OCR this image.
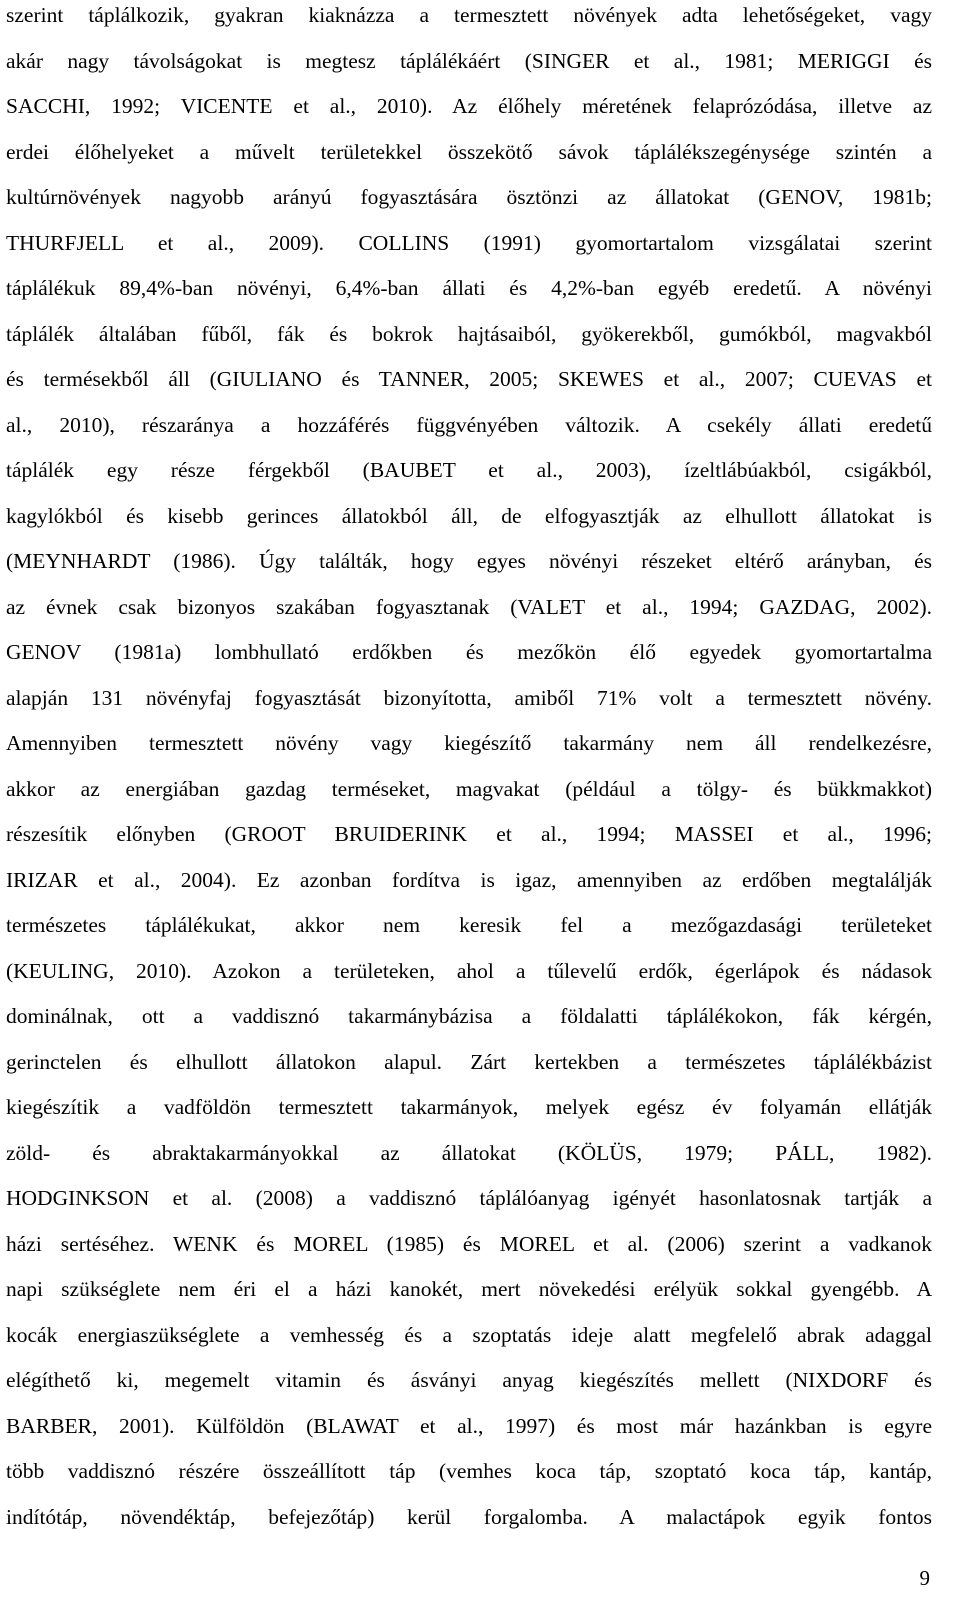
szerint táplálkozik, gyakran kiaknázza a termesztett növények adta lehetőségeket, vagy
akár nagy távolságokat is megtesz táplálékáért (SINGER et al., 1981; MERIGGI és
SACCHI, 1992; VICENTE et al., 2010). Az élőhely méretének felaprózódása, illetve az
erdei élőhelyeket a művelt területekkel összekötő sávok táplálékszegénysége szintén a
kultúrnövények nagyobb arányú fogyasztására ösztönzi az állatokat (GENOV, 1981b;
THURFJELL et al., 2009). COLLINS (1991) gyomortartalom vizsgálatai szerint
táplálékuk 89,4%-ban növényi, 6,4%-ban állati és 4,2%-ban egyéb eredetű. A növényi
táplálék általában fűből, fák és bokrok hajtásaiból, gyökerekből, gumókból, magvakból
és termésekből áll (GIULIANO és TANNER, 2005; SKEWES et al., 2007; CUEVAS et
al., 2010), részaránya a hozzáférés függvényében változik. A csekély állati eredetű
táplálék egy része férgekből (BAUBET et al., 2003), ízeltlábúakból, csigákból,
kagylókból és kisebb gerinces állatokból áll, de elfogyasztják az elhullott állatokat is
(MEYNHARDT (1986). Úgy találták, hogy egyes növényi részeket eltérő arányban, és
az évnek csak bizonyos szakában fogyasztanak (VALET et al., 1994; GAZDAG, 2002).
GENOV (1981a) lombhullató erdőkben és mezőkön élő egyedek gyomortartalma
alapján 131 növényfaj fogyasztását bizonyította, amiből 71% volt a termesztett növény.
Amennyiben termesztett növény vagy kiegészítő takarmány nem áll rendelkezésre,
akkor az energiában gazdag terméseket, magvakat (például a tölgy- és bükkmakkot)
részesítik előnyben (GROOT BRUIDERINK et al., 1994; MASSEI et al., 1996;
IRIZAR et al., 2004). Ez azonban fordítva is igaz, amennyiben az erdőben megtalálják
természetes táplálékukat, akkor nem keresik fel a mezőgazdasági területeket
(KEULING, 2010). Azokon a területeken, ahol a tűlevelű erdők, égerlápok és nádasok
dominálnak, ott a vaddisznó takarmánybázisa a földalatti táplálékokon, fák kérgén,
gerinctelen és elhullott állatokon alapul. Zárt kertekben a természetes táplálékbázist
kiegészítik a vadföldön termesztett takarmányok, melyek egész év folyamán ellátják
zöld- és abraktakarmányokkal az állatokat (KÖLÜS, 1979; PÁLL, 1982).
HODGINKSON et al. (2008) a vaddisznó táplálóanyag igényét hasonlatosnak tartják a
házi sertéséhez. WENK és MOREL (1985) és MOREL et al. (2006) szerint a vadkanok
napi szükséglete nem éri el a házi kanokét, mert növekedési erélyük sokkal gyengébb. A
kocák energiaszükséglete a vemhesség és a szoptatás ideje alatt megfelelő abrak adaggal
elégíthető ki, megemelt vitamin és ásványi anyag kiegészítés mellett (NIXDORF és
BARBER, 2001). Külföldön (BLAWAT et al., 1997) és most már hazánkban is egyre
több vaddisznó részére összeállított táp (vemhes koca táp, szoptató koca táp, kantáp,
indítótáp, növendéktáp, befejezőtáp) kerül forgalomba. A malactápok egyik fontos
9
